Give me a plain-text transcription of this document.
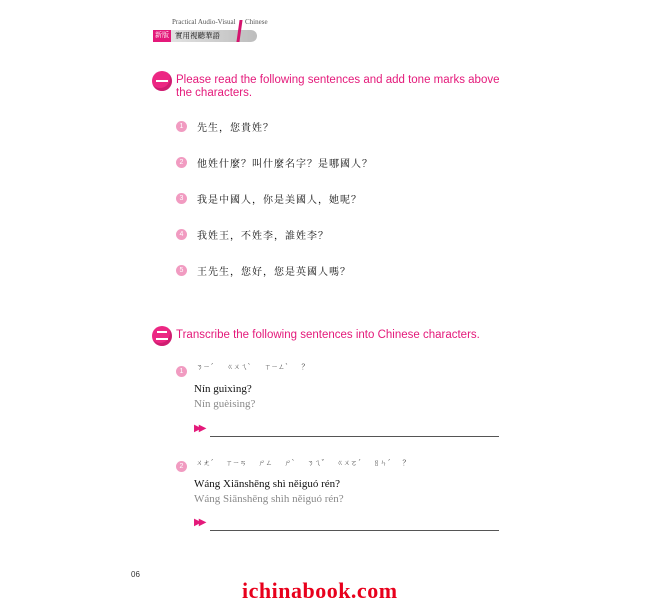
Practical Audio-Visual Chinese
新版 實用視聽華語
Please read the following sentences and add tone marks above
the characters.
1	先生，您貴姓？
2	他姓什麼？叫什麼名字？是哪國人？
3	我是中國人，你是美國人，她呢？
4	我姓王，不姓李，誰姓李？
5	王先生，您好，您是英國人嗎？
Transcribe the following sentences into Chinese characters.
1
ㄋㄧˊ ㄍㄨㄟˋ ㄒㄧㄥˋ ？
Nín guìxìng?
Nín guèisìng?
▶▶
2	ㄨㄤˊ ㄒㄧㄢ ㄕㄥ ㄕˋ ㄋㄟˇ ㄍㄨㄛˊ ㄖㄣˊ ？
Wáng Xiānshēng shì něiguó rén?
Wáng Siānshēng shìh něiguó rén?
▶▶
06
ichinabook.com
